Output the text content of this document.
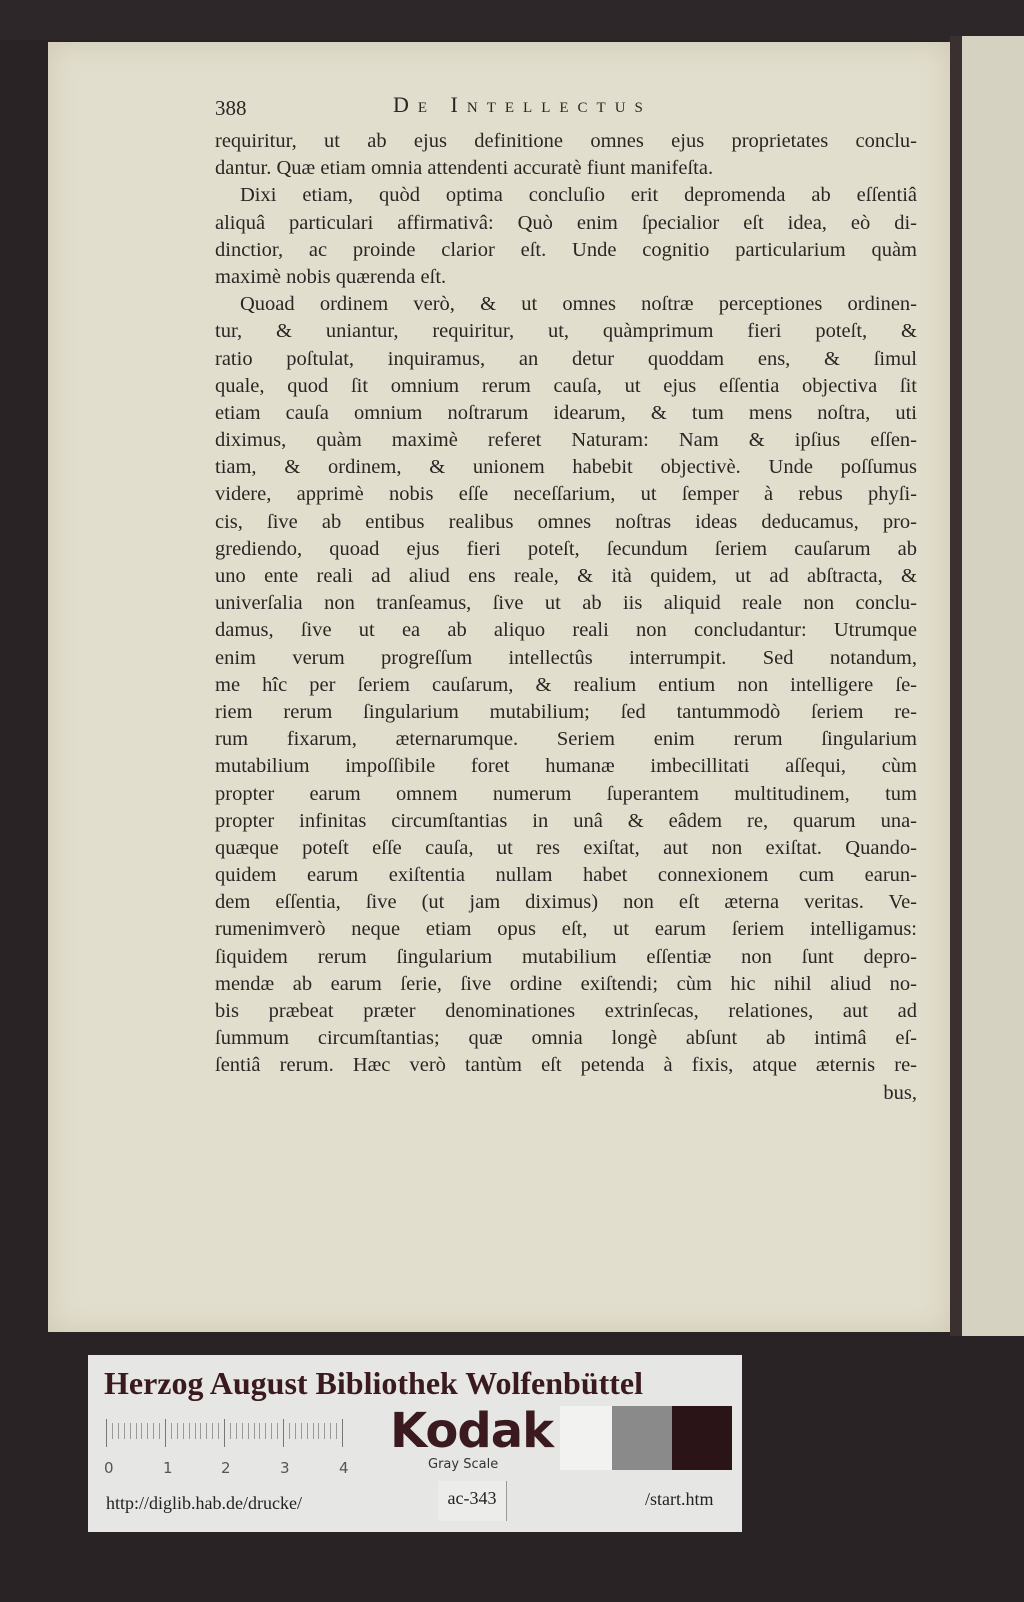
388	De Intellectus
requiritur, ut ab ejus definitione omnes ejus proprietates conclu-
dantur. Quæ etiam omnia attendenti accuratè fiunt manifeſta.
Dixi etiam, quòd optima concluſio erit depromenda ab eſſentiâ
aliquâ particulari affirmativâ: Quò enim ſpecialior eſt idea, eò di-
dinctior, ac proinde clarior eſt. Unde cognitio particularium quàm
maximè nobis quærenda eſt.
Quoad ordinem verò, & ut omnes noſtræ perceptiones ordinen-
tur, & uniantur, requiritur, ut, quàmprimum fieri poteſt, &
ratio poſtulat, inquiramus, an detur quoddam ens, & ſimul
quale, quod ſit omnium rerum cauſa, ut ejus eſſentia objectiva ſit
etiam cauſa omnium noſtrarum idearum, & tum mens noſtra, uti
diximus, quàm maximè referet Naturam: Nam & ipſius eſſen-
tiam, & ordinem, & unionem habebit objectivè. Unde poſſumus
videre, apprimè nobis eſſe neceſſarium, ut ſemper à rebus phyſi-
cis, ſive ab entibus realibus omnes noſtras ideas deducamus, pro-
grediendo, quoad ejus fieri poteſt, ſecundum ſeriem cauſarum ab
uno ente reali ad aliud ens reale, & ità quidem, ut ad abſtracta, &
univerſalia non tranſeamus, ſive ut ab iis aliquid reale non conclu-
damus, ſive ut ea ab aliquo reali non concludantur: Utrumque
enim verum progreſſum intellectûs interrumpit. Sed notandum,
me hîc per ſeriem cauſarum, & realium entium non intelligere ſe-
riem rerum ſingularium mutabilium; ſed tantummodò ſeriem re-
rum fixarum, æternarumque. Seriem enim rerum ſingularium
mutabilium impoſſibile foret humanæ imbecillitati aſſequi, cùm
propter earum omnem numerum ſuperantem multitudinem, tum
propter infinitas circumſtantias in unâ & eâdem re, quarum una-
quæque poteſt eſſe cauſa, ut res exiſtat, aut non exiſtat. Quando-
quidem earum exiſtentia nullam habet connexionem cum earun-
dem eſſentia, ſive (ut jam diximus) non eſt æterna veritas. Ve-
rumenimverò neque etiam opus eſt, ut earum ſeriem intelligamus:
ſiquidem rerum ſingularium mutabilium eſſentiæ non ſunt depro-
mendæ ab earum ſerie, ſive ordine exiſtendi; cùm hic nihil aliud no-
bis præbeat præter denominationes extrinſecas, relationes, aut ad
ſummum circumſtantias; quæ omnia longè abſunt ab intimâ eſ-
ſentiâ rerum. Hæc verò tantùm eſt petenda à fixis, atque æternis re-
bus,
Herzog August Bibliothek Wolfenbüttel
0	1	2	3	4
Kodak
Gray Scale
http://diglib.hab.de/drucke/	ac-343	/start.htm
